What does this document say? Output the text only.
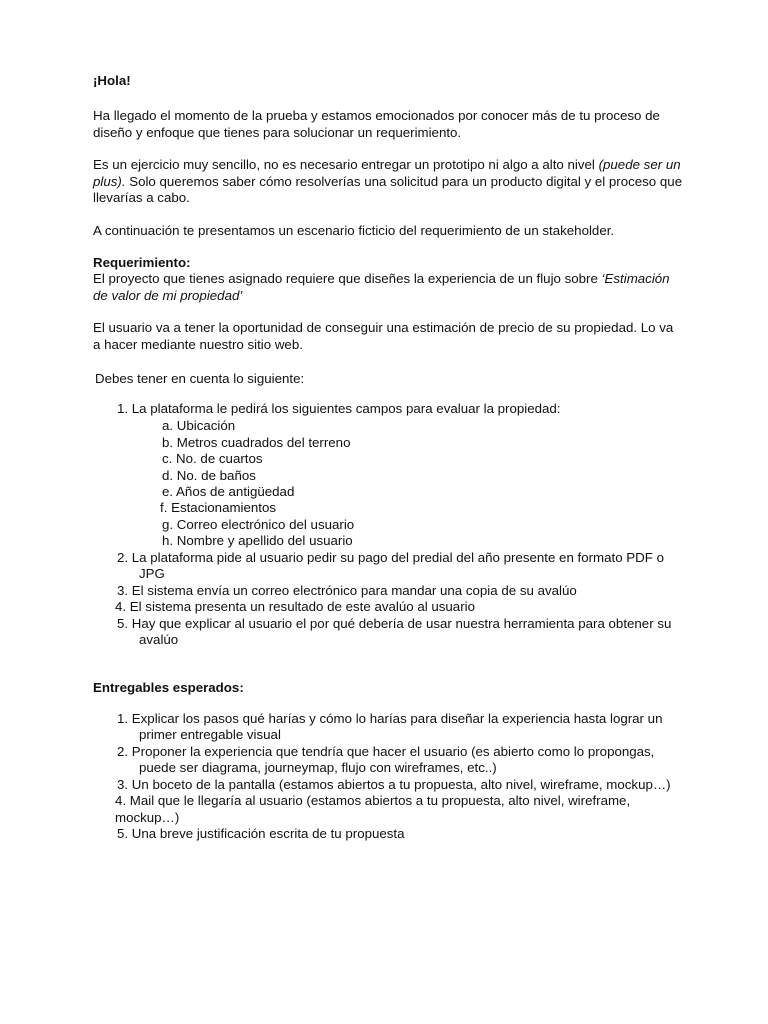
¡Hola!

Ha llegado el momento de la prueba y estamos emocionados por conocer más de tu proceso de diseño y enfoque que tienes para solucionar un requerimiento.

Es un ejercicio muy sencillo, no es necesario entregar un prototipo ni algo a alto nivel (puede ser un plus). Solo queremos saber cómo resolverías una solicitud para un producto digital y el proceso que llevarías a cabo.

A continuación te presentamos un escenario ficticio del requerimiento de un stakeholder.

Requerimiento:

El proyecto que tienes asignado requiere que diseñes la experiencia de un flujo sobre ‘Estimación de valor de mi propiedad’

El usuario va a tener la oportunidad de conseguir una estimación de precio de su propiedad. Lo va a hacer mediante nuestro sitio web.

Debes tener en cuenta lo siguiente:

1. La plataforma le pedirá los siguientes campos para evaluar la propiedad:

a. Ubicación

b. Metros cuadrados del terreno

c. No. de cuartos

d. No. de baños

e. Años de antigüedad

f. Estacionamientos

g. Correo electrónico del usuario

h. Nombre y apellido del usuario

2. La plataforma pide al usuario pedir su pago del predial del año presente en formato PDF o

JPG

3. El sistema envía un correo electrónico para mandar una copia de su avalúo

4. El sistema presenta un resultado de este avalúo al usuario

5. Hay que explicar al usuario el por qué debería de usar nuestra herramienta para obtener su

avalúo

Entregables esperados:

1. Explicar los pasos qué harías y cómo lo harías para diseñar la experiencia hasta lograr un

primer entregable visual

2. Proponer la experiencia que tendría que hacer el usuario (es abierto como lo propongas,

puede ser diagrama, journeymap, flujo con wireframes, etc..)

3. Un boceto de la pantalla (estamos abiertos a tu propuesta, alto nivel, wireframe, mockup…)

4. Mail que le llegaría al usuario (estamos abiertos a tu propuesta, alto nivel, wireframe,

mockup…)

5. Una breve justificación escrita de tu propuesta
